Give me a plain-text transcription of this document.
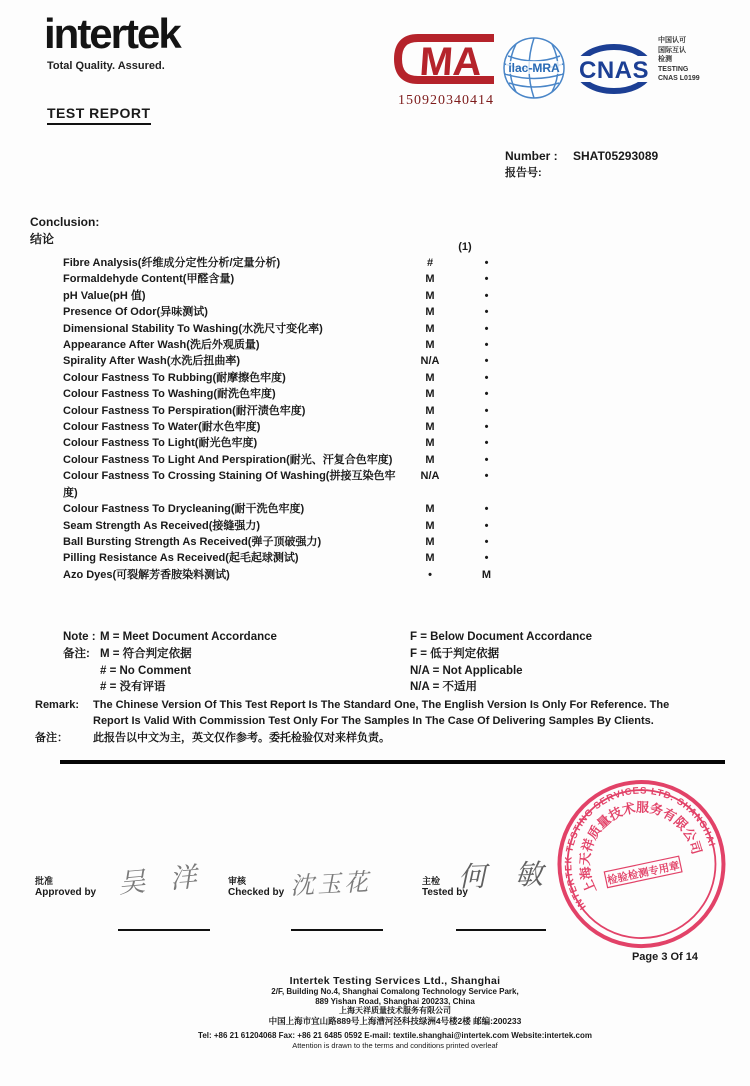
intertek
Total Quality. Assured.
TEST REPORT
MA
150920340414
ilac-MRA CNAS
中国认可
国际互认
检测
TESTING
CNAS L0199
Number : SHAT05293089
报告号:
Conclusion:
结论
(1)
Fibre Analysis(纤维成分定性分析/定量分析)	#	•
Formaldehyde Content(甲醛含量)	M	•
pH Value(pH 值)	M	•
Presence Of Odor(异味测试)	M	•
Dimensional Stability To Washing(水洗尺寸变化率)	M	•
Appearance After Wash(洗后外观质量)	M	•
Spirality After Wash(水洗后扭曲率)	N/A	•
Colour Fastness To Rubbing(耐摩擦色牢度)	M	•
Colour Fastness To Washing(耐洗色牢度)	M	•
Colour Fastness To Perspiration(耐汗渍色牢度)	M	•
Colour Fastness To Water(耐水色牢度)	M	•
Colour Fastness To Light(耐光色牢度)	M	•
Colour Fastness To Light And Perspiration(耐光、汗复合色牢度)	M	•
Colour Fastness To Crossing Staining Of Washing(拼接互染色牢度)
N/A	•
Colour Fastness To Drycleaning(耐干洗色牢度)	M	•
Seam Strength As Received(接缝强力)	M	•
Ball Bursting Strength As Received(弹子顶破强力)	M	•
Pilling Resistance As Received(起毛起球测试)	M	•
Azo Dyes(可裂解芳香胺染料测试)	•	M
Note : M = Meet Document Accordance	F = Below Document Accordance
备注: M = 符合判定依据	F = 低于判定依据
# = No Comment	N/A = Not Applicable
# = 没有评语	N/A = 不适用
Remark:	The Chinese Version Of This Test Report Is The Standard One, The English Version Is Only For Reference. The Report Is Valid With Commission Test Only For The Samples In The Case Of Delivering Samples By Clients.
备注：	此报告以中文为主，英文仅作参考。委托检验仅对来样负责。
INTERTEK TESTING SERVICES LTD. SHANGHAI
上海天祥质量技术服务有限公司
检验检测专用章
批准
Approved by
审核
Checked by
主检
Tested by
吴 洋	沈玉花	何 敏
Page 3 Of 14
Intertek Testing Services Ltd., Shanghai
2/F, Building No.4, Shanghai Comalong Technology Service Park,
889 Yishan Road, Shanghai 200233, China
上海天祥质量技术服务有限公司
中国上海市宜山路889号上海漕河泾科技绿洲4号楼2楼 邮编:200233
Tel: +86 21 61204068 Fax: +86 21 6485 0592 E-mail: textile.shanghai@intertek.com Website:intertek.com
Attention is drawn to the terms and conditions printed overleaf
